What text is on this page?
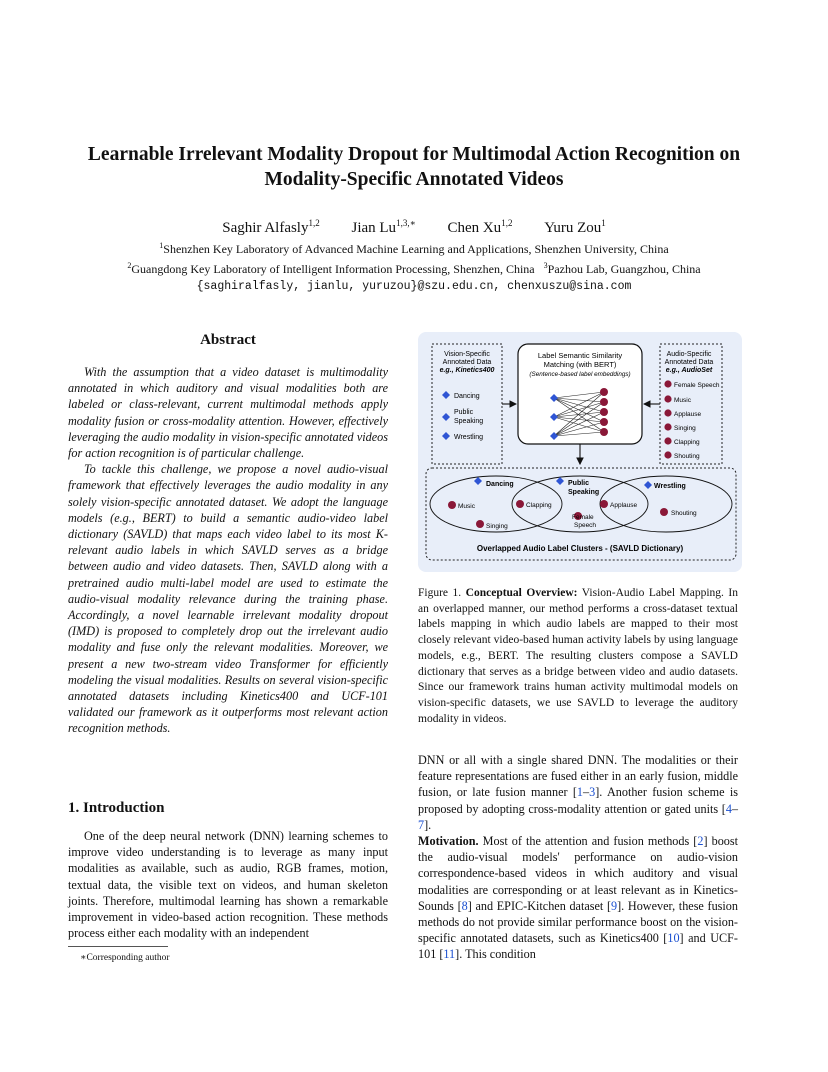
Learnable Irrelevant Modality Dropout for Multimodal Action Recognition on
Modality-Specific Annotated Videos
Saghir Alfasly$^{1,2}$ Jian $Lu^{1,3,∗}$ Chen Xu$^{1,2}$ Yuru Zou$^1$
$^1$Shenzhen Key Laboratory of Advanced Machine Learning and Applications, Shenzhen University, China
$^2$Guangdong Key Laboratory of Intelligent Information Processing, Shenzhen, China $^3$Pazhou Lab, Guangzhou, China
{saghiralfasly, jianlu, yuruzou}@szu.edu.cn, chenxuszu@sina.com
Abstract

With the assumption that a video dataset is multimodality annotated in which auditory and visual modalities both are labeled or class-relevant, current multimodal methods apply modality fusion or cross-modality attention. However, effectively leveraging the audio modality in vision-specific annotated videos for action recognition is of particular challenge.

To tackle this challenge, we propose a novel audio-visual framework that effectively leverages the audio modality in any solely vision-specific annotated dataset. We adopt the language models (e.g., BERT) to build a semantic audio-video label dictionary (SAVLD) that maps each video label to its most K-relevant audio labels in which SAVLD serves as a bridge between audio and video datasets. Then, SAVLD along with a pretrained audio multi-label model are used to estimate the audio-visual modality relevance during the training phase. Accordingly, a novel learnable irrelevant modality dropout (IMD) is proposed to completely drop out the irrelevant audio modality and fuse only the relevant modalities. Moreover, we present a new two-stream video Transformer for efficiently modeling the visual modalities. Results on several vision-specific annotated datasets including Kinetics400 and UCF-101 validated our framework as it outperforms most relevant action recognition methods.

1. Introduction

One of the deep neural network (DNN) learning schemes to improve video understanding is to leverage as many input modalities as available, such as audio, RGB frames, motion, textual data, the visible text on videos, and human skeleton joints. Therefore, multimodal learning has shown a remarkable improvement in video-based action recognition. These methods process either each modality with an independent

∗Corresponding author
Vision-Specific
Annotated Data
e.g., Kinetics400
Dancing
Public
Speaking
Wrestling
Audio-Specific
Annotated Data
e.g., AudioSet
Female Speech
Music
Applause
Singing
Clapping
Shouting
Label Semantic Similarity
Matching (with BERT)
(Sentence-based label embeddings)
Dancing	Public
Speaking
Wrestling
Music	Clapping	Applause
Female
Speech
Singing
Shouting
Overlapped Audio Label Clusters - (SAVLD Dictionary)
Figure 1. Conceptual Overview: Vision-Audio Label Mapping. In an overlapped manner, our method performs a cross-dataset textual labels mapping in which audio labels are mapped to their most closely relevant video-based human activity labels by using language models, e.g., BERT. The resulting clusters compose a SAVLD dictionary that serves as a bridge between video and audio datasets. Since our framework trains human activity multimodal models on vision-specific datasets, we use SAVLD to leverage the auditory modality in videos.

DNN or all with a single shared DNN. The modalities or their feature representations are fused either in an early fusion, middle fusion, or late fusion manner [1–3]. Another fusion scheme is proposed by adopting cross-modality attention or gated units [4–7].

Motivation. Most of the attention and fusion methods [2] boost the audio-visual models' performance on audio-vision correspondence-based videos in which auditory and visual modalities are corresponding or at least relevant as in Kinetics-Sounds [8] and EPIC-Kitchen dataset [9]. However, these fusion methods do not provide similar performance boost on the vision-specific annotated datasets, such as Kinetics400 [10] and UCF-101 [11]. This condition
